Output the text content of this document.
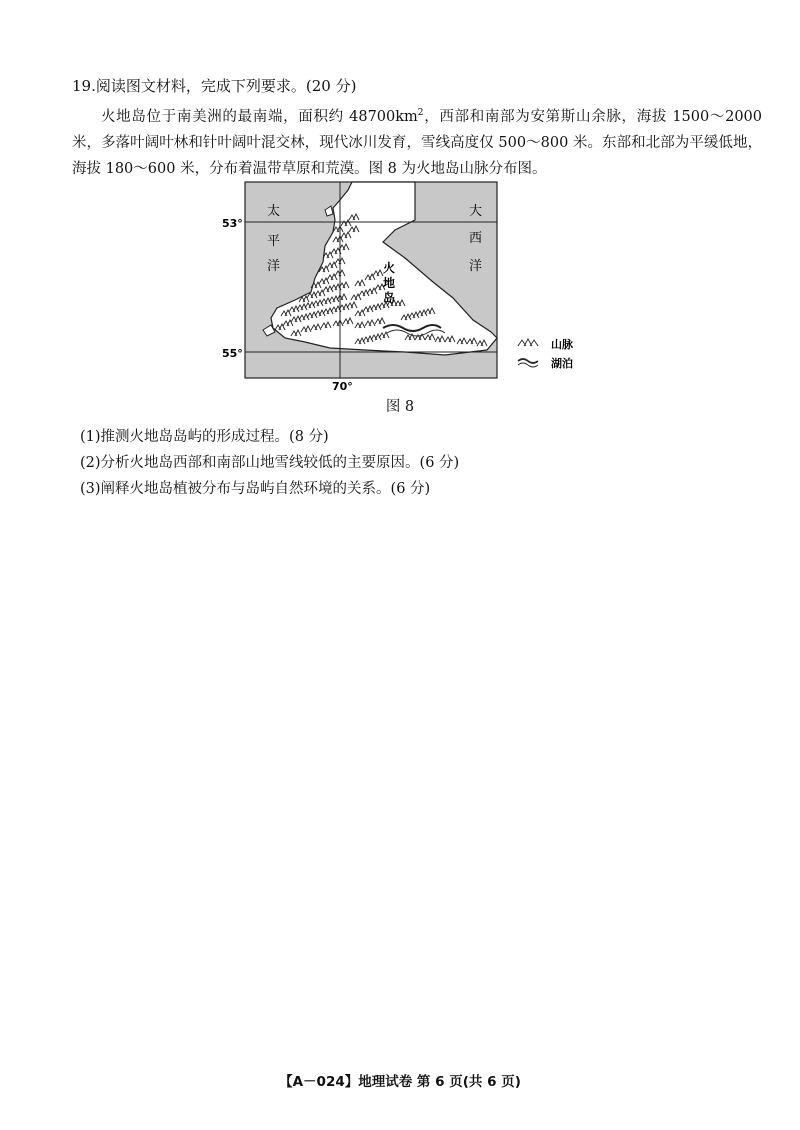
19.阅读图文材料，完成下列要求。(20 分)
火地岛位于南美洲的最南端，面积约 $48700km^2$，西部和南部为安第斯山余脉，海拔 1500～2000 米，多落叶阔叶林和针叶阔叶混交林，现代冰川发育，雪线高度仅 500～800 米。东部和北部为平缓低地，海拔 180～600 米，分布着温带草原和荒漠。图 8 为火地岛山脉分布图。
53°
55°
70°
太
平
洋
大
西
洋
火
地
岛
山脉
湖泊
图 8
(1)推测火地岛岛屿的形成过程。(8 分)
(2)分析火地岛西部和南部山地雪线较低的主要原因。(6 分)
(3)阐释火地岛植被分布与岛屿自然环境的关系。(6 分)
【A－024】地理试卷 第 6 页(共 6 页)
